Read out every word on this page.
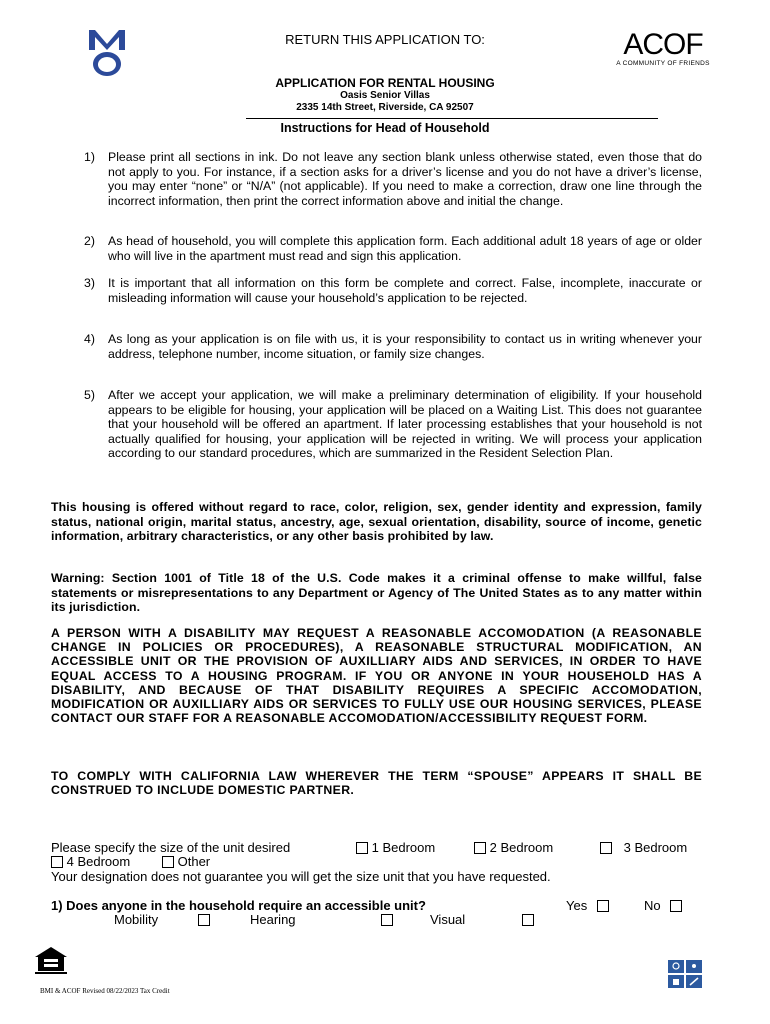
ACOF
A COMMUNITY OF FRIENDS
RETURN THIS APPLICATION TO:
APPLICATION FOR RENTAL HOUSING
Oasis Senior Villas
2335 14th Street, Riverside, CA 92507
Instructions for Head of Household
1) Please print all sections in ink. Do not leave any section blank unless otherwise stated, even those that do not apply to you. For instance, if a section asks for a driver’s license and you do not have a driver’s license, you may enter “none” or “N/A” (not applicable). If you need to make a correction, draw one line through the incorrect information, then print the correct information above and initial the change.
2) As head of household, you will complete this application form. Each additional adult 18 years of age or older who will live in the apartment must read and sign this application.
3) It is important that all information on this form be complete and correct. False, incomplete, inaccurate or misleading information will cause your household’s application to be rejected.
4) As long as your application is on file with us, it is your responsibility to contact us in writing whenever your address, telephone number, income situation, or family size changes.
5) After we accept your application, we will make a preliminary determination of eligibility. If your household appears to be eligible for housing, your application will be placed on a Waiting List. This does not guarantee that your household will be offered an apartment. If later processing establishes that your household is not actually qualified for housing, your application will be rejected in writing. We will process your application according to our standard procedures, which are summarized in the Resident Selection Plan.
This housing is offered without regard to race, color, religion, sex, gender identity and expression, family status, national origin, marital status, ancestry, age, sexual orientation, disability, source of income, genetic information, arbitrary characteristics, or any other basis prohibited by law.
Warning: Section 1001 of Title 18 of the U.S. Code makes it a criminal offense to make willful, false statements or misrepresentations to any Department or Agency of The United States as to any matter within its jurisdiction.
A PERSON WITH A DISABILITY MAY REQUEST A REASONABLE ACCOMODATION (A REASONABLE CHANGE IN POLICIES OR PROCEDURES), A REASONABLE STRUCTURAL MODIFICATION, AN ACCESSIBLE UNIT OR THE PROVISION OF AUXILLIARY AIDS AND SERVICES, IN ORDER TO HAVE EQUAL ACCESS TO A HOUSING PROGRAM. IF YOU OR ANYONE IN YOUR HOUSEHOLD HAS A DISABILITY, AND BECAUSE OF THAT DISABILITY REQUIRES A SPECIFIC ACCOMODATION, MODIFICATION OR AUXILLIARY AIDS OR SERVICES TO FULLY USE OUR HOUSING SERVICES, PLEASE CONTACT OUR STAFF FOR A REASONABLE ACCOMODATION/ACCESSIBILITY REQUEST FORM.
TO COMPLY WITH CALIFORNIA LAW WHEREVER THE TERM “SPOUSE” APPEARS IT SHALL BE CONSTRUED TO INCLUDE DOMESTIC PARTNER.
Please specify the size of the unit desired	1 Bedroom	2 Bedroom	3 Bedroom
4 Bedroom	Other
Your designation does not guarantee you will get the size unit that you have requested.
1) Does anyone in the household require an accessible unit?	Yes	No
Mobility	Hearing	Visual
BMI & ACOF Revised 08/22/2023 Tax Credit
